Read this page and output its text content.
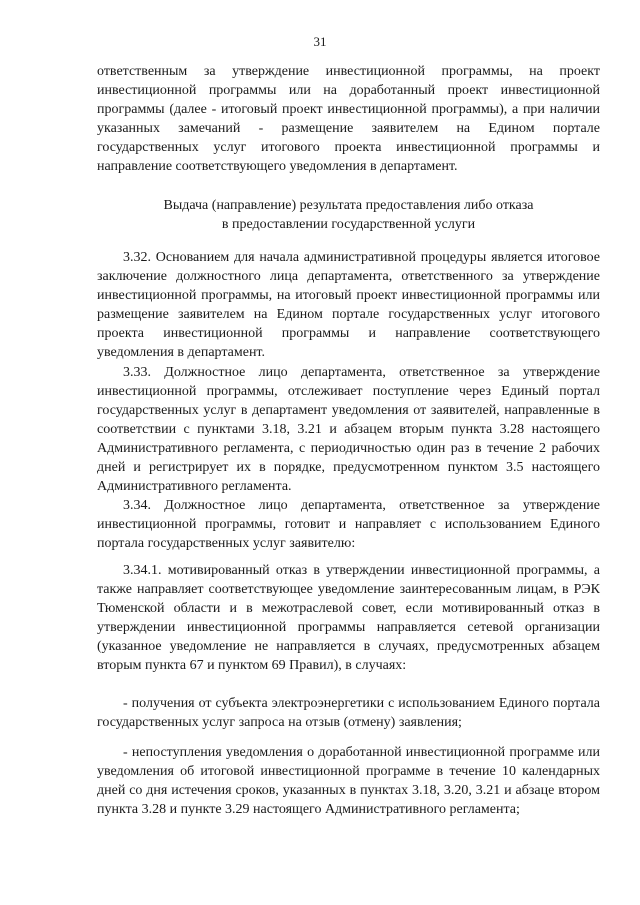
31

ответственным за утверждение инвестиционной программы, на проект инвестиционной программы или на доработанный проект инвестиционной программы (далее - итоговый проект инвестиционной программы), а при наличии указанных замечаний - размещение заявителем на Едином портале государственных услуг итогового проекта инвестиционной программы и направление соответствующего уведомления в департамент.

Выдача (направление) результата предоставления либо отказа
в предоставлении государственной услуги

3.32. Основанием для начала административной процедуры является итоговое заключение должностного лица департамента, ответственного за утверждение инвестиционной программы, на итоговый проект инвестиционной программы или размещение заявителем на Едином портале государственных услуг итогового проекта инвестиционной программы и направление соответствующего уведомления в департамент.

3.33. Должностное лицо департамента, ответственное за утверждение инвестиционной программы, отслеживает поступление через Единый портал государственных услуг в департамент уведомления от заявителей, направленные в соответствии с пунктами 3.18, 3.21 и абзацем вторым пункта 3.28 настоящего Административного регламента, с периодичностью один раз в течение 2 рабочих дней и регистрирует их в порядке, предусмотренном пунктом 3.5 настоящего Административного регламента.

3.34. Должностное лицо департамента, ответственное за утверждение инвестиционной программы, готовит и направляет с использованием Единого портала государственных услуг заявителю:

3.34.1. мотивированный отказ в утверждении инвестиционной программы, а также направляет соответствующее уведомление заинтересованным лицам, в РЭК Тюменской области и в межотраслевой совет, если мотивированный отказ в утверждении инвестиционной программы направляется сетевой организации (указанное уведомление не направляется в случаях, предусмотренных абзацем вторым пункта 67 и пунктом 69 Правил), в случаях:

- получения от субъекта электроэнергетики с использованием Единого портала государственных услуг запроса на отзыв (отмену) заявления;

- непоступления уведомления о доработанной инвестиционной программе или уведомления об итоговой инвестиционной программе в течение 10 календарных дней со дня истечения сроков, указанных в пунктах 3.18, 3.20, 3.21 и абзаце втором пункта 3.28 и пункте 3.29 настоящего Административного регламента;
